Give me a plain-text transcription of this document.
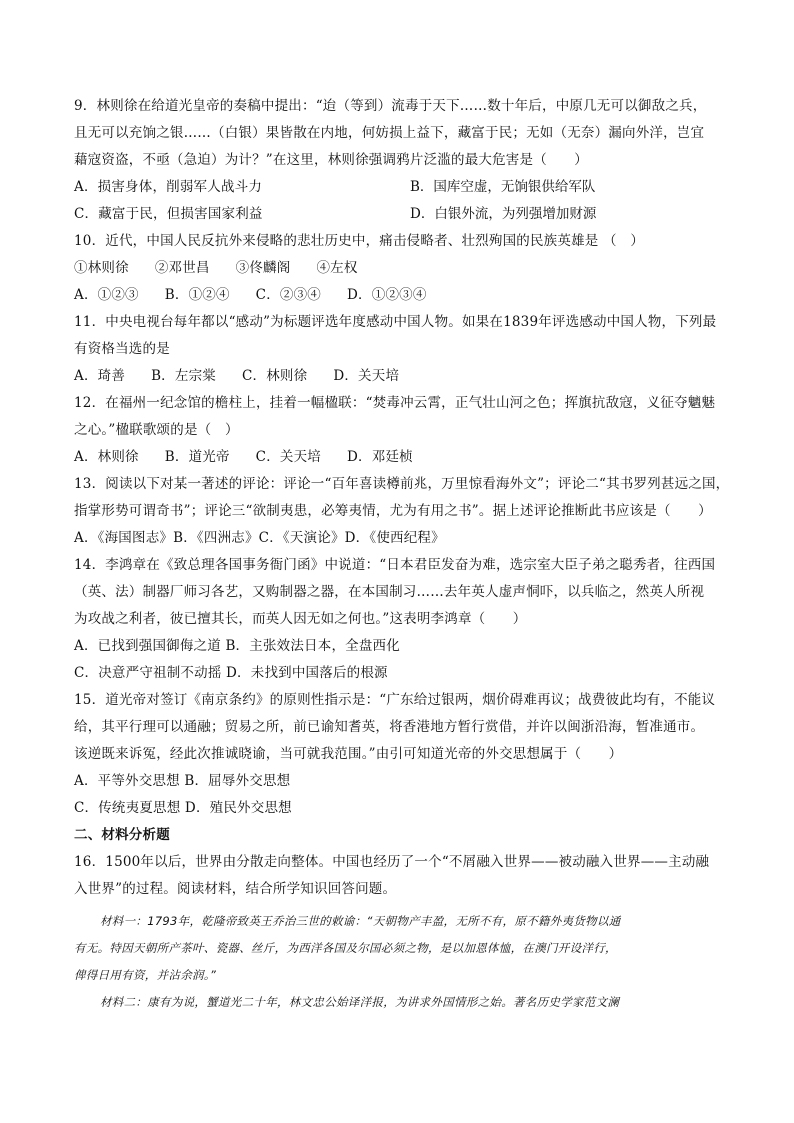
9．林则徐在给道光皇帝的奏稿中提出：“迨（等到）流毒于天下……数十年后，中原几无可以御敌之兵，
且无可以充饷之银……（白银）果皆散在内地，何妨损上益下，藏富于民；无如（无奈）漏向外洋，岂宜
藉寇资盗，不亟（急迫）为计？”在这里，林则徐强调鸦片泛滥的最大危害是（　　）
A．损害身体，削弱军人战斗力	B．国库空虚，无饷银供给军队
C．藏富于民，但损害国家利益	D．白银外流，为列强增加财源
10．近代，中国人民反抗外来侵略的悲壮历史中，痛击侵略者、壮烈殉国的民族英雄是 （　）
①林则徐 ②邓世昌 ③佟麟阁 ④左权
A．①②③ B．①②④ C．②③④ D．①②③④
11．中央电视台每年都以“感动”为标题评选年度感动中国人物。如果在1839年评选感动中国人物，下列最
有资格当选的是
A．琦善 B．左宗棠 C．林则徐 D．关天培
12．在福州一纪念馆的檐柱上，挂着一幅楹联：“焚毒冲云霄，正气壮山河之色；挥旗抗敌寇，义征夺魑魅
之心。”楹联歌颂的是（　）
A．林则徐 B．道光帝 C．关天培 D．邓廷桢
13．阅读以下对某一著述的评论：评论一“百年喜读樽前兆，万里惊看海外文”；评论二“其书罗列甚远之国，
指掌形势可谓奇书”；评论三“欲制夷患，必筹夷情，尤为有用之书”。据上述评论推断此书应该是（　　）
A．《海国图志》B．《四洲志》C．《天演论》D．《使西纪程》
14．李鸿章在《致总理各国事务衙门函》中说道：“日本君臣发奋为难，选宗室大臣子弟之聪秀者，往西国
（英、法）制器厂师习各艺，又购制器之器，在本国制习……去年英人虚声恫吓，以兵临之，然英人所视
为攻战之利者，彼已擅其长，而英人因无如之何也。”这表明李鸿章（　　）
A．已找到强国御侮之道 B．主张效法日本，全盘西化
C．决意严守祖制不动摇 D．未找到中国落后的根源
15．道光帝对签订《南京条约》的原则性指示是：“广东给过银两，烟价碍难再议；战费彼此均有，不能议
给，其平行理可以通融；贸易之所，前已谕知耆英，将香港地方暂行赏借，并许以闽浙沿海，暂准通市。
该逆既来诉冤，经此次推诚晓谕，当可就我范围。”由引可知道光帝的外交思想属于（　　）
A．平等外交思想 B．屈辱外交思想
C．传统夷夏思想 D．殖民外交思想
二、材料分析题
16．1500年以后，世界由分散走向整体。中国也经历了一个“不屑融入世界——被动融入世界——主动融
入世界”的过程。阅读材料，结合所学知识回答问题。
材料一：1793年，乾隆帝致英王乔治三世的敕谕：“天朝物产丰盈，无所不有，原不籍外夷货物以通
有无。特因天朝所产茶叶、瓷器、丝斤，为西洋各国及尔国必须之物，是以加恩体恤，在澳门开设洋行，
俾得日用有资，并沾余润。”
材料二：康有为说，蟹道光二十年，林文忠公始译洋报，为讲求外国情形之始。著名历史学家范文澜
